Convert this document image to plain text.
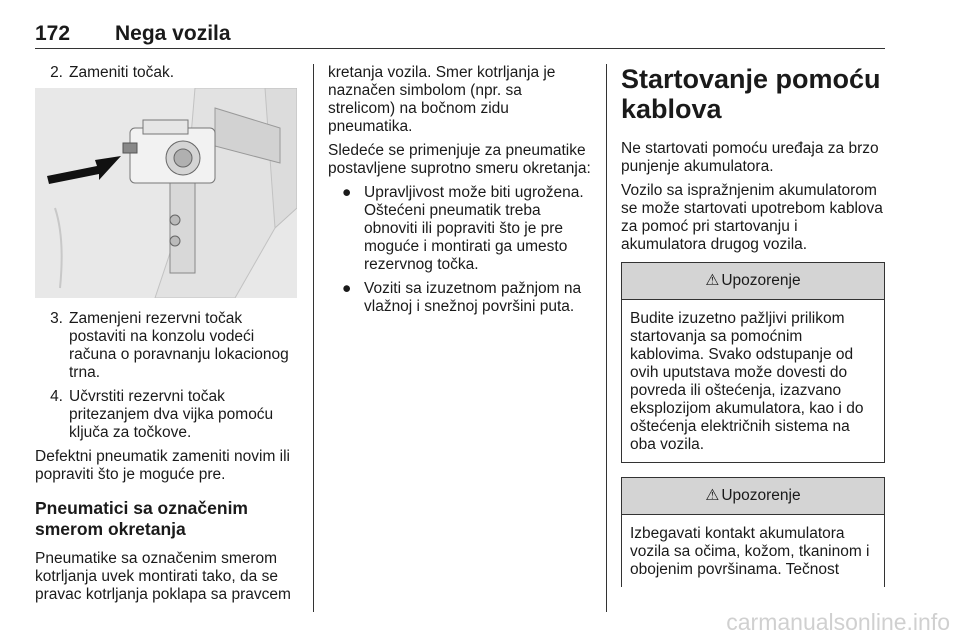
172 Nega vozila
2. Zameniti točak.
3. Zamenjeni rezervni točak postaviti na konzolu vodeći računa o poravnanju lokacionog trna.
4. Učvrstiti rezervni točak pritezanjem dva vijka pomoću ključa za točkove.

Defektni pneumatik zameniti novim ili popraviti što je moguće pre.

Pneumatici sa označenim smerom okretanja

Pneumatike sa označenim smerom kotrljanja uvek montirati tako, da se pravac kotrljanja poklapa sa pravcem

kretanja vozila. Smer kotrljanja je naznačen simbolom (npr. sa strelicom) na bočnom zidu pneumatika.

Sledeće se primenjuje za pneumatike postavljene suprotno smeru okretanja:

● Upravljivost može biti ugrožena. Oštećeni pneumatik treba obnoviti ili popraviti što je pre moguće i montirati ga umesto rezervnog točka.
● Voziti sa izuzetnom pažnjom na vlažnoj i snežnoj površini puta.
Startovanje pomoću kablova

Ne startovati pomoću uređaja za brzo punjenje akumulatora.

Vozilo sa ispražnjenim akumulatorom se može startovati upotrebom kablova za pomoć pri startovanju i akumulatora drugog vozila.

⚠ Upozorenje
Budite izuzetno pažljivi prilikom startovanja sa pomoćnim kablovima. Svako odstupanje od ovih uputstava može dovesti do povreda ili oštećenja, izazvano eksplozijom akumulatora, kao i do oštećenja električnih sistema na oba vozila.
⚠ Upozorenje
Izbegavati kontakt akumulatora vozila sa očima, kožom, tkaninom i obojenim površinama. Tečnost
carmanualsonline.info
